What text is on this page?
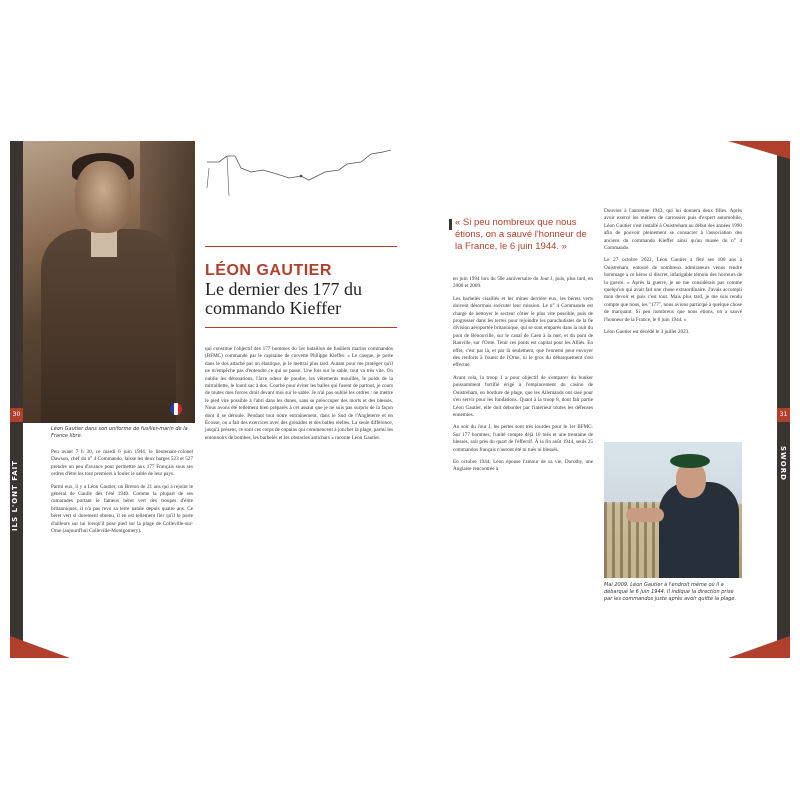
ILS L'ONT FAIT	SWORD
30	31
Léon Gautier dans son uniforme de fusilier-marin de la France libre.
LÉON GAUTIER
Le dernier des 177 du commando Kieffer

Peu avant 7 h 30, ce mardi 6 juin 1944, le lieutenant-colonel Dawson, chef du n° 4 Commando, laisse les deux barges 523 et 527 prendre un peu d'avance pour permettre aux 177 Français sous ses ordres d'être les tout premiers à fouler le sable de leur pays.

Parmi eux, il y a Léon Gautier, un Breton de 21 ans qui a rejoint le général de Gaulle dès l'été 1940. Comme la plupart de ses camarades portant le fameux béret vert des troupes d'élite britanniques, il n'a pas revu sa terre natale depuis quatre ans. Ce béret vert si durement obtenu, il en est tellement fier qu'il le porte d'ailleurs sur lui lorsqu'il pose pied sur la plage de Colleville-sur-Orne (aujourd'hui Colleville-Montgomery).

qui constitue l'objectif des 177 hommes du 1er bataillon de fusiliers marins commandos (BFMC) commandé par le capitaine de corvette Philippe Kieffer. « Le casque, je porte dans le dos attaché par un élastique, je le mettrai plus tard. Autant pour me protéger qu'il ne m'empêche pas d'entendre ce qui se passe. Une fois sur le sable, tout va très vite. On oublie les détonations, l'âcre odeur de poudre, les vêtements mouillés, le poids de la mitraillette, le lourd sac à dos. Courbé pour éviter les balles qui fusent de partout, je cours de toutes mes forces droit devant moi sur le sable. Je n'ai pas oublié les ordres : ne mettre le pied vite possible à l'abri dans les dunes, sans se préoccuper des morts et des blessés. Nous avons été tellement bien préparés à cet assaut que je ne suis pas surpris de la façon dont il se déroule. Pendant tout notre entraînement, dans le Sud de l'Angleterre et en Écosse, on a fait des exercices avec des grenades et des balles réelles. La seule différence, jusqu'à présent, ce sont ces corps de copains qui commencent à joncher la plage, parmi les entonnoirs de bombes, les barbelés et les obstacles antichars » raconte Léon Gautier.

« Si peu nombreux que nous étions, on a sauvé l'honneur de la France, le 6 juin 1944. »

en juin 1994 lors du 50e anniversaire du Jour J, puis, plus tard, en 2000 et 2009.

Les barbelés cisaillés et les mines derrière eux, les bérets verts doivent désormais exécuter leur mission. Le n° 4 Commando est chargé de nettoyer le secteur côtier le plus vite possible, puis de progresser dans les terres pour rejoindre les parachutistes de la 6e division aéroportée britannique, qui se sont emparés dans la nuit du pont de Bénouville, sur le canal de Caen à la mer, et du pont de Ranville, sur l'Orne. Tenir ces ponts est capital pour les Alliés. En effet, c'est par là, et par là seulement, que l'ennemi peut envoyer des renforts à l'ouest de l'Orne, ni le gros du débarquement s'est effectué.

Avant cela, la troop 1 a pour objectif de s'emparer du bunker puissamment fortifié érigé à l'emplacement du casino de Ouistreham, en bordure de plage, que les Allemands ont rasé pour s'en servir pour les fondations. Quant à la troop 8, dont fait partie Léon Gautier, elle doit déborder par l'intérieur toutes les défenses ennemies.

Au soir du Jour J, les pertes sont très lourdes pour le 1er BFMC. Sur 177 hommes, l'unité compte déjà 10 tués et une trentaine de blessés, soit près du quart de l'effectif. À la fin août 1944, seuls 25 commandos français n'auront été ni tués ni blessés.

En octobre 1944, Léon épouse l'amour de sa vie, Dorothy, une Anglaise rencontrée à

Douvres à l'automne 1943, qui lui donnera deux filles. Après avoir exercé les métiers de carrossier puis d'expert automobile, Léon Gautier s'est installé à Ouistreham au début des années 1990 afin de pouvoir pleinement se consacrer à l'association des anciens du commando Kieffer ainsi qu'au musée du n° 4 Commando.

Le 27 octobre 2022, Léon Gautier a fêté ses 100 ans à Ouistreham, entouré de nombreux admirateurs venus rendre hommage à ce héros si discret, infatigable témoin des horreurs de la guerre. « Après la guerre, je ne me considérais pas comme quelqu'un qui avait fait une chose extraordinaire. J'avais accompli mon devoir et puis c'est tout. Mais plus tard, je me suis rendu compte que nous, les "177", nous avions participé à quelque chose de marquant. Si peu nombreux que nous étions, on a sauvé l'honneur de la France, le 6 juin 1944. »

Léon Gautier est décédé le 3 juillet 2023.

Mai 2009. Léon Gautier à l'endroit même où il a débarqué le 6 juin 1944. Il indique la direction prise par les commandos juste après avoir quitté la plage.
